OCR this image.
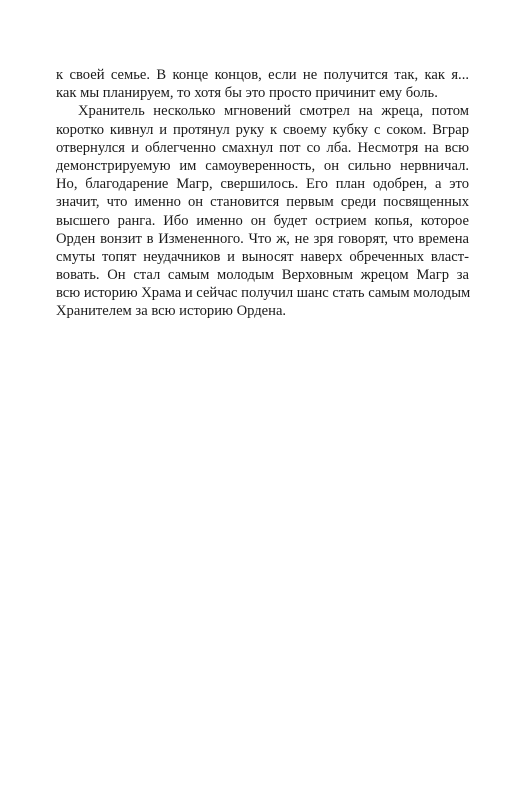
к своей семье. В конце концов, если не получится так, как я...
как мы планируем, то хотя бы это просто причинит ему боль.
Хранитель несколько мгновений смотрел на жреца, потом
коротко кивнул и протянул руку к своему кубку с соком. Вграр
отвернулся и облегченно смахнул пот со лба. Несмотря на всю
демонстрируемую им самоуверенность, он сильно нервничал.
Но, благодарение Магр, свершилось. Его план одобрен, а это
значит, что именно он становится первым среди посвященных
высшего ранга. Ибо именно он будет острием копья, которое
Орден вонзит в Измененного. Что ж, не зря говорят, что времена
смуты топят неудачников и выносят наверх обреченных власт-
вовать. Он стал самым молодым Верховным жрецом Магр за
всю историю Храма и сейчас получил шанс стать самым молодым
Хранителем за всю историю Ордена.
